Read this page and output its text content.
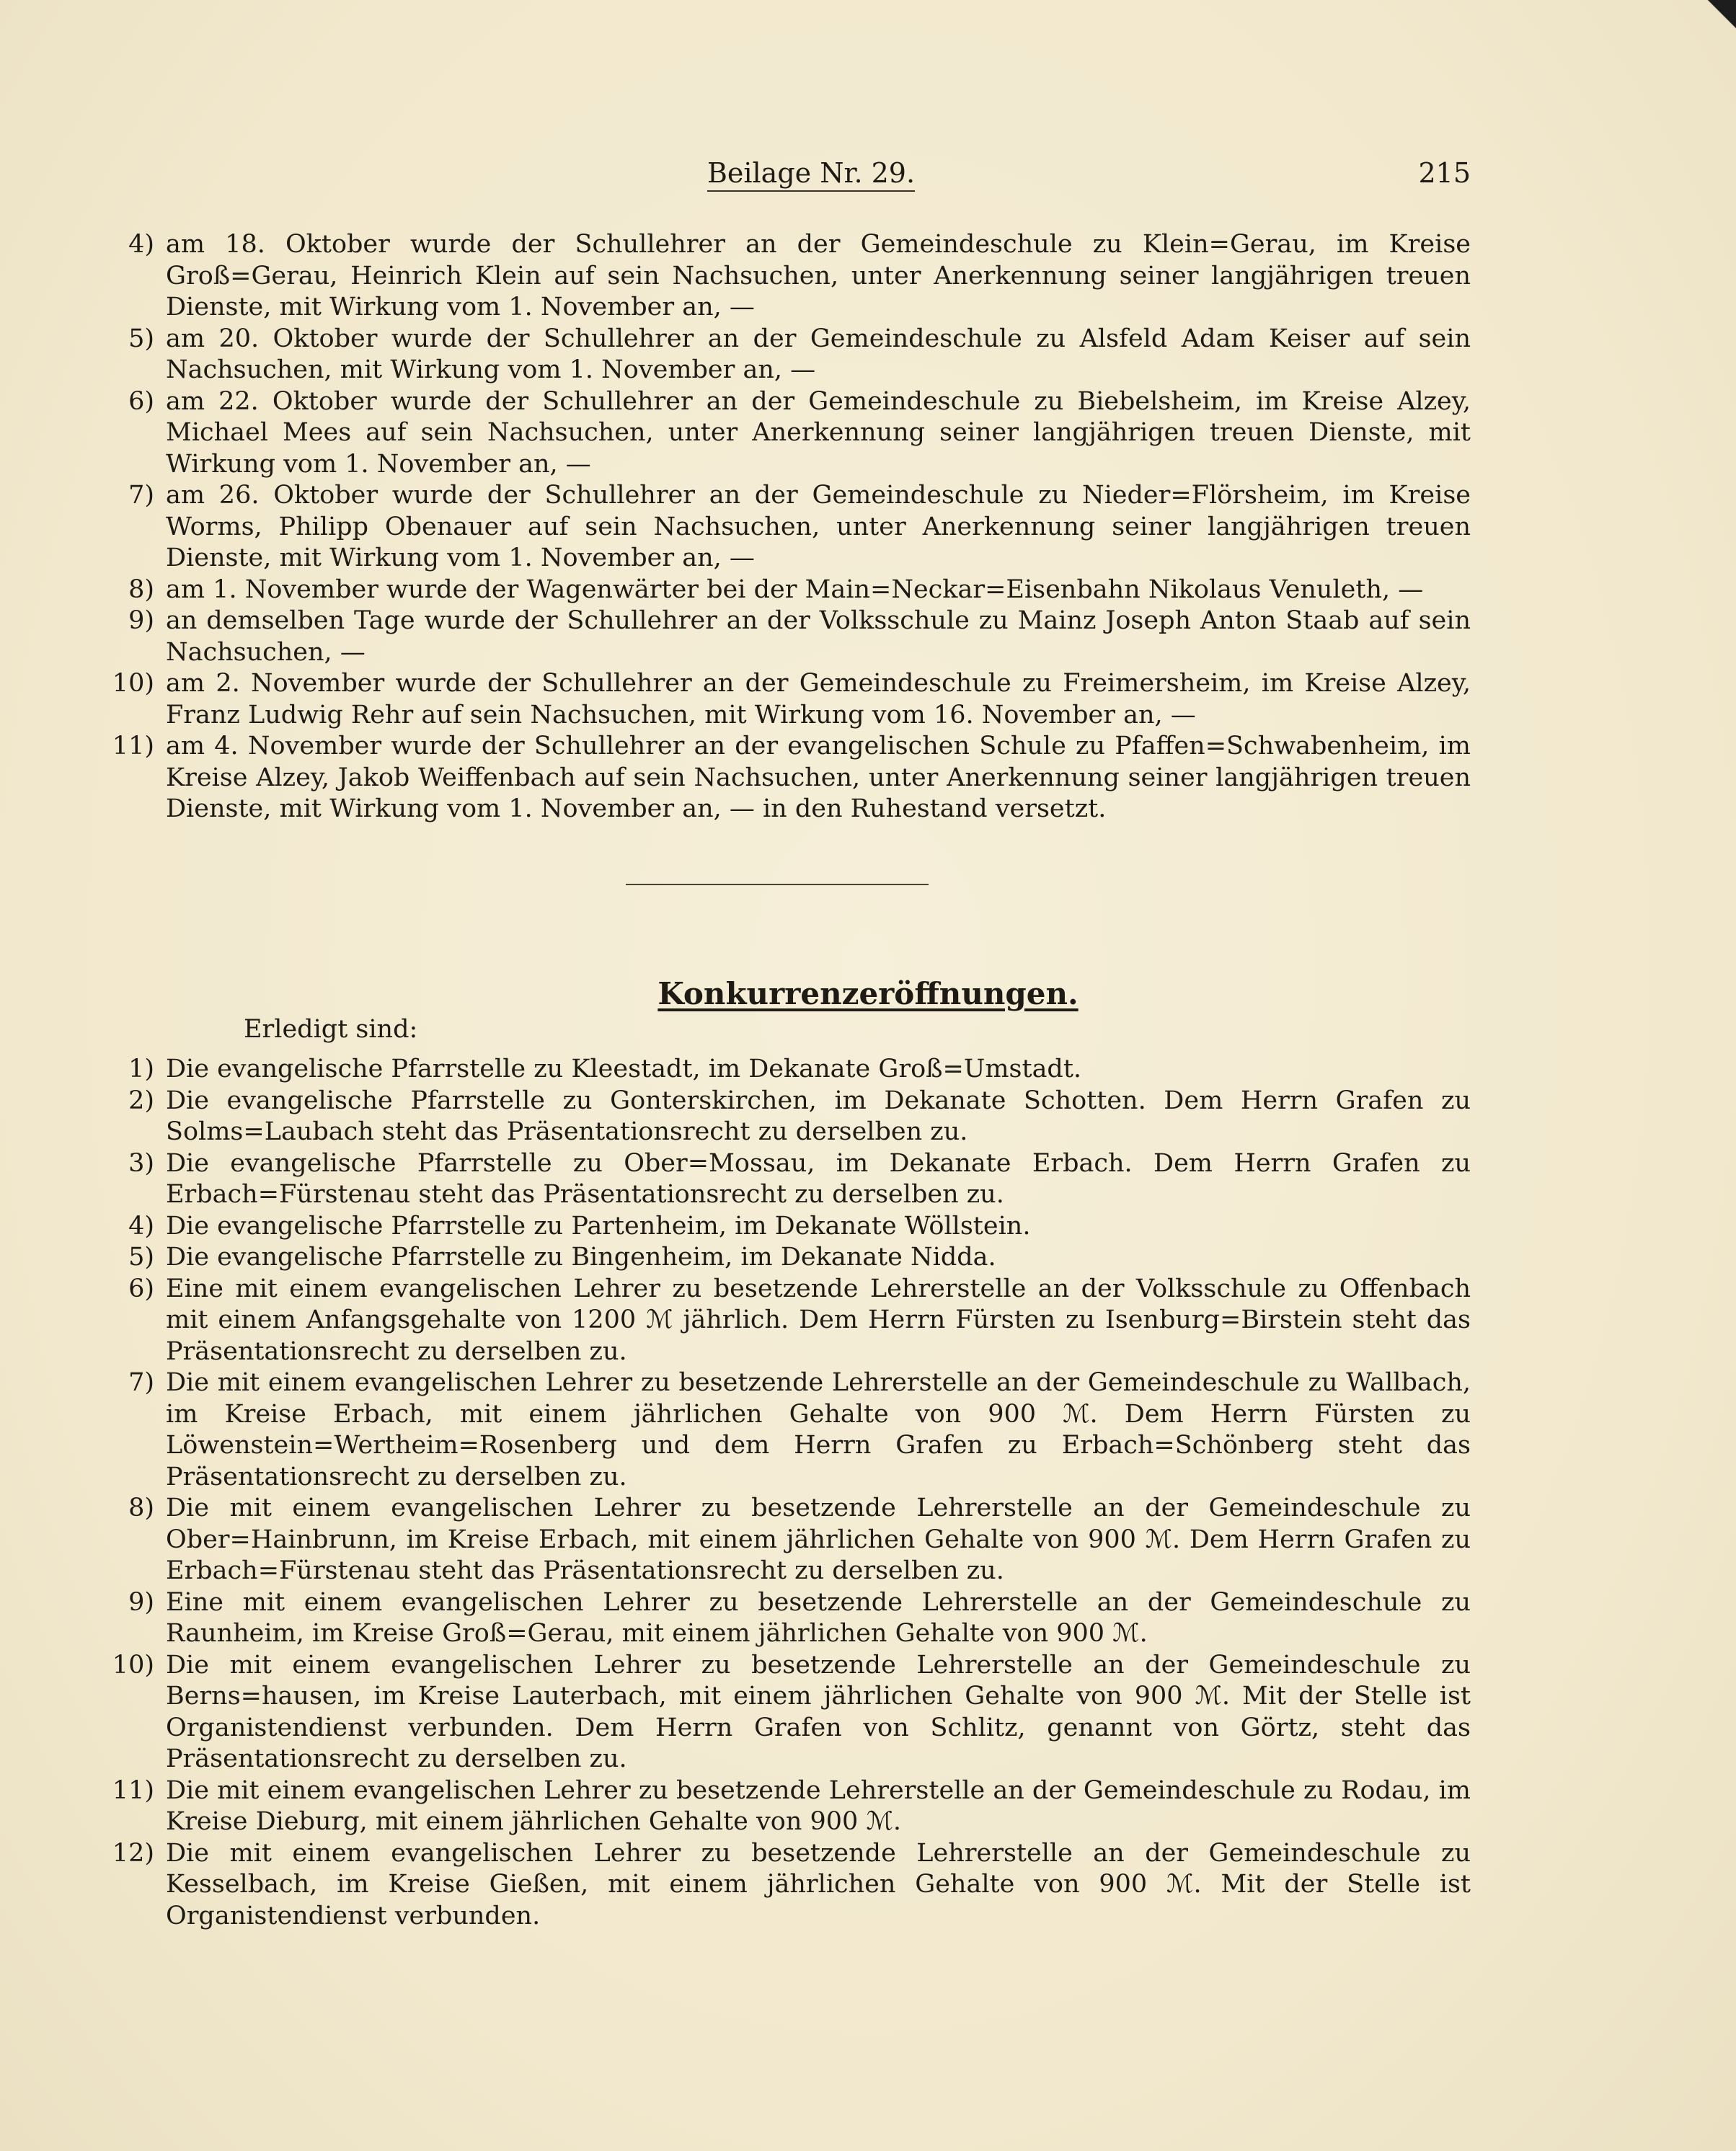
Beilage Nr. 29.	215
4) am 18. Oktober wurde der Schullehrer an der Gemeindeschule zu Klein=Gerau, im Kreise Groß=Gerau, Heinrich Klein auf sein Nachsuchen, unter Anerkennung seiner langjährigen treuen Dienste, mit Wirkung vom 1. November an, —
5) am 20. Oktober wurde der Schullehrer an der Gemeindeschule zu Alsfeld Adam Keiser auf sein Nachsuchen, mit Wirkung vom 1. November an, —
6) am 22. Oktober wurde der Schullehrer an der Gemeindeschule zu Biebelsheim, im Kreise Alzey, Michael Mees auf sein Nachsuchen, unter Anerkennung seiner langjährigen treuen Dienste, mit Wirkung vom 1. November an, —
7) am 26. Oktober wurde der Schullehrer an der Gemeindeschule zu Nieder=Flörsheim, im Kreise Worms, Philipp Obenauer auf sein Nachsuchen, unter Anerkennung seiner langjährigen treuen Dienste, mit Wirkung vom 1. November an, —
8) am 1. November wurde der Wagenwärter bei der Main=Neckar=Eisenbahn Nikolaus Venuleth, —
9) an demselben Tage wurde der Schullehrer an der Volksschule zu Mainz Joseph Anton Staab auf sein Nachsuchen, —
10) am 2. November wurde der Schullehrer an der Gemeindeschule zu Freimersheim, im Kreise Alzey, Franz Ludwig Rehr auf sein Nachsuchen, mit Wirkung vom 16. November an, —
11) am 4. November wurde der Schullehrer an der evangelischen Schule zu Pfaffen=Schwabenheim, im Kreise Alzey, Jakob Weiffenbach auf sein Nachsuchen, unter Anerkennung seiner langjährigen treuen Dienste, mit Wirkung vom 1. November an, — in den Ruhestand versetzt.
Konkurrenzeröffnungen.
Erledigt sind:
1) Die evangelische Pfarrstelle zu Kleestadt, im Dekanate Groß=Umstadt.
2) Die evangelische Pfarrstelle zu Gonterskirchen, im Dekanate Schotten. Dem Herrn Grafen zu Solms=Laubach steht das Präsentationsrecht zu derselben zu.
3) Die evangelische Pfarrstelle zu Ober=Mossau, im Dekanate Erbach. Dem Herrn Grafen zu Erbach=Fürstenau steht das Präsentationsrecht zu derselben zu.
4) Die evangelische Pfarrstelle zu Partenheim, im Dekanate Wöllstein.
5) Die evangelische Pfarrstelle zu Bingenheim, im Dekanate Nidda.
6) Eine mit einem evangelischen Lehrer zu besetzende Lehrerstelle an der Volksschule zu Offenbach mit einem Anfangsgehalte von 1200 ℳ jährlich. Dem Herrn Fürsten zu Isenburg=Birstein steht das Präsentationsrecht zu derselben zu.
7) Die mit einem evangelischen Lehrer zu besetzende Lehrerstelle an der Gemeindeschule zu Wallbach, im Kreise Erbach, mit einem jährlichen Gehalte von 900 ℳ. Dem Herrn Fürsten zu Löwenstein=Wertheim=Rosenberg und dem Herrn Grafen zu Erbach=Schönberg steht das Präsentationsrecht zu derselben zu.
8) Die mit einem evangelischen Lehrer zu besetzende Lehrerstelle an der Gemeindeschule zu Ober=Hainbrunn, im Kreise Erbach, mit einem jährlichen Gehalte von 900 ℳ. Dem Herrn Grafen zu Erbach=Fürstenau steht das Präsentationsrecht zu derselben zu.
9) Eine mit einem evangelischen Lehrer zu besetzende Lehrerstelle an der Gemeindeschule zu Raunheim, im Kreise Groß=Gerau, mit einem jährlichen Gehalte von 900 ℳ.
10) Die mit einem evangelischen Lehrer zu besetzende Lehrerstelle an der Gemeindeschule zu Berns=hausen, im Kreise Lauterbach, mit einem jährlichen Gehalte von 900 ℳ. Mit der Stelle ist Organistendienst verbunden. Dem Herrn Grafen von Schlitz, genannt von Görtz, steht das Präsentationsrecht zu derselben zu.
11) Die mit einem evangelischen Lehrer zu besetzende Lehrerstelle an der Gemeindeschule zu Rodau, im Kreise Dieburg, mit einem jährlichen Gehalte von 900 ℳ.
12) Die mit einem evangelischen Lehrer zu besetzende Lehrerstelle an der Gemeindeschule zu Kesselbach, im Kreise Gießen, mit einem jährlichen Gehalte von 900 ℳ. Mit der Stelle ist Organistendienst verbunden.
